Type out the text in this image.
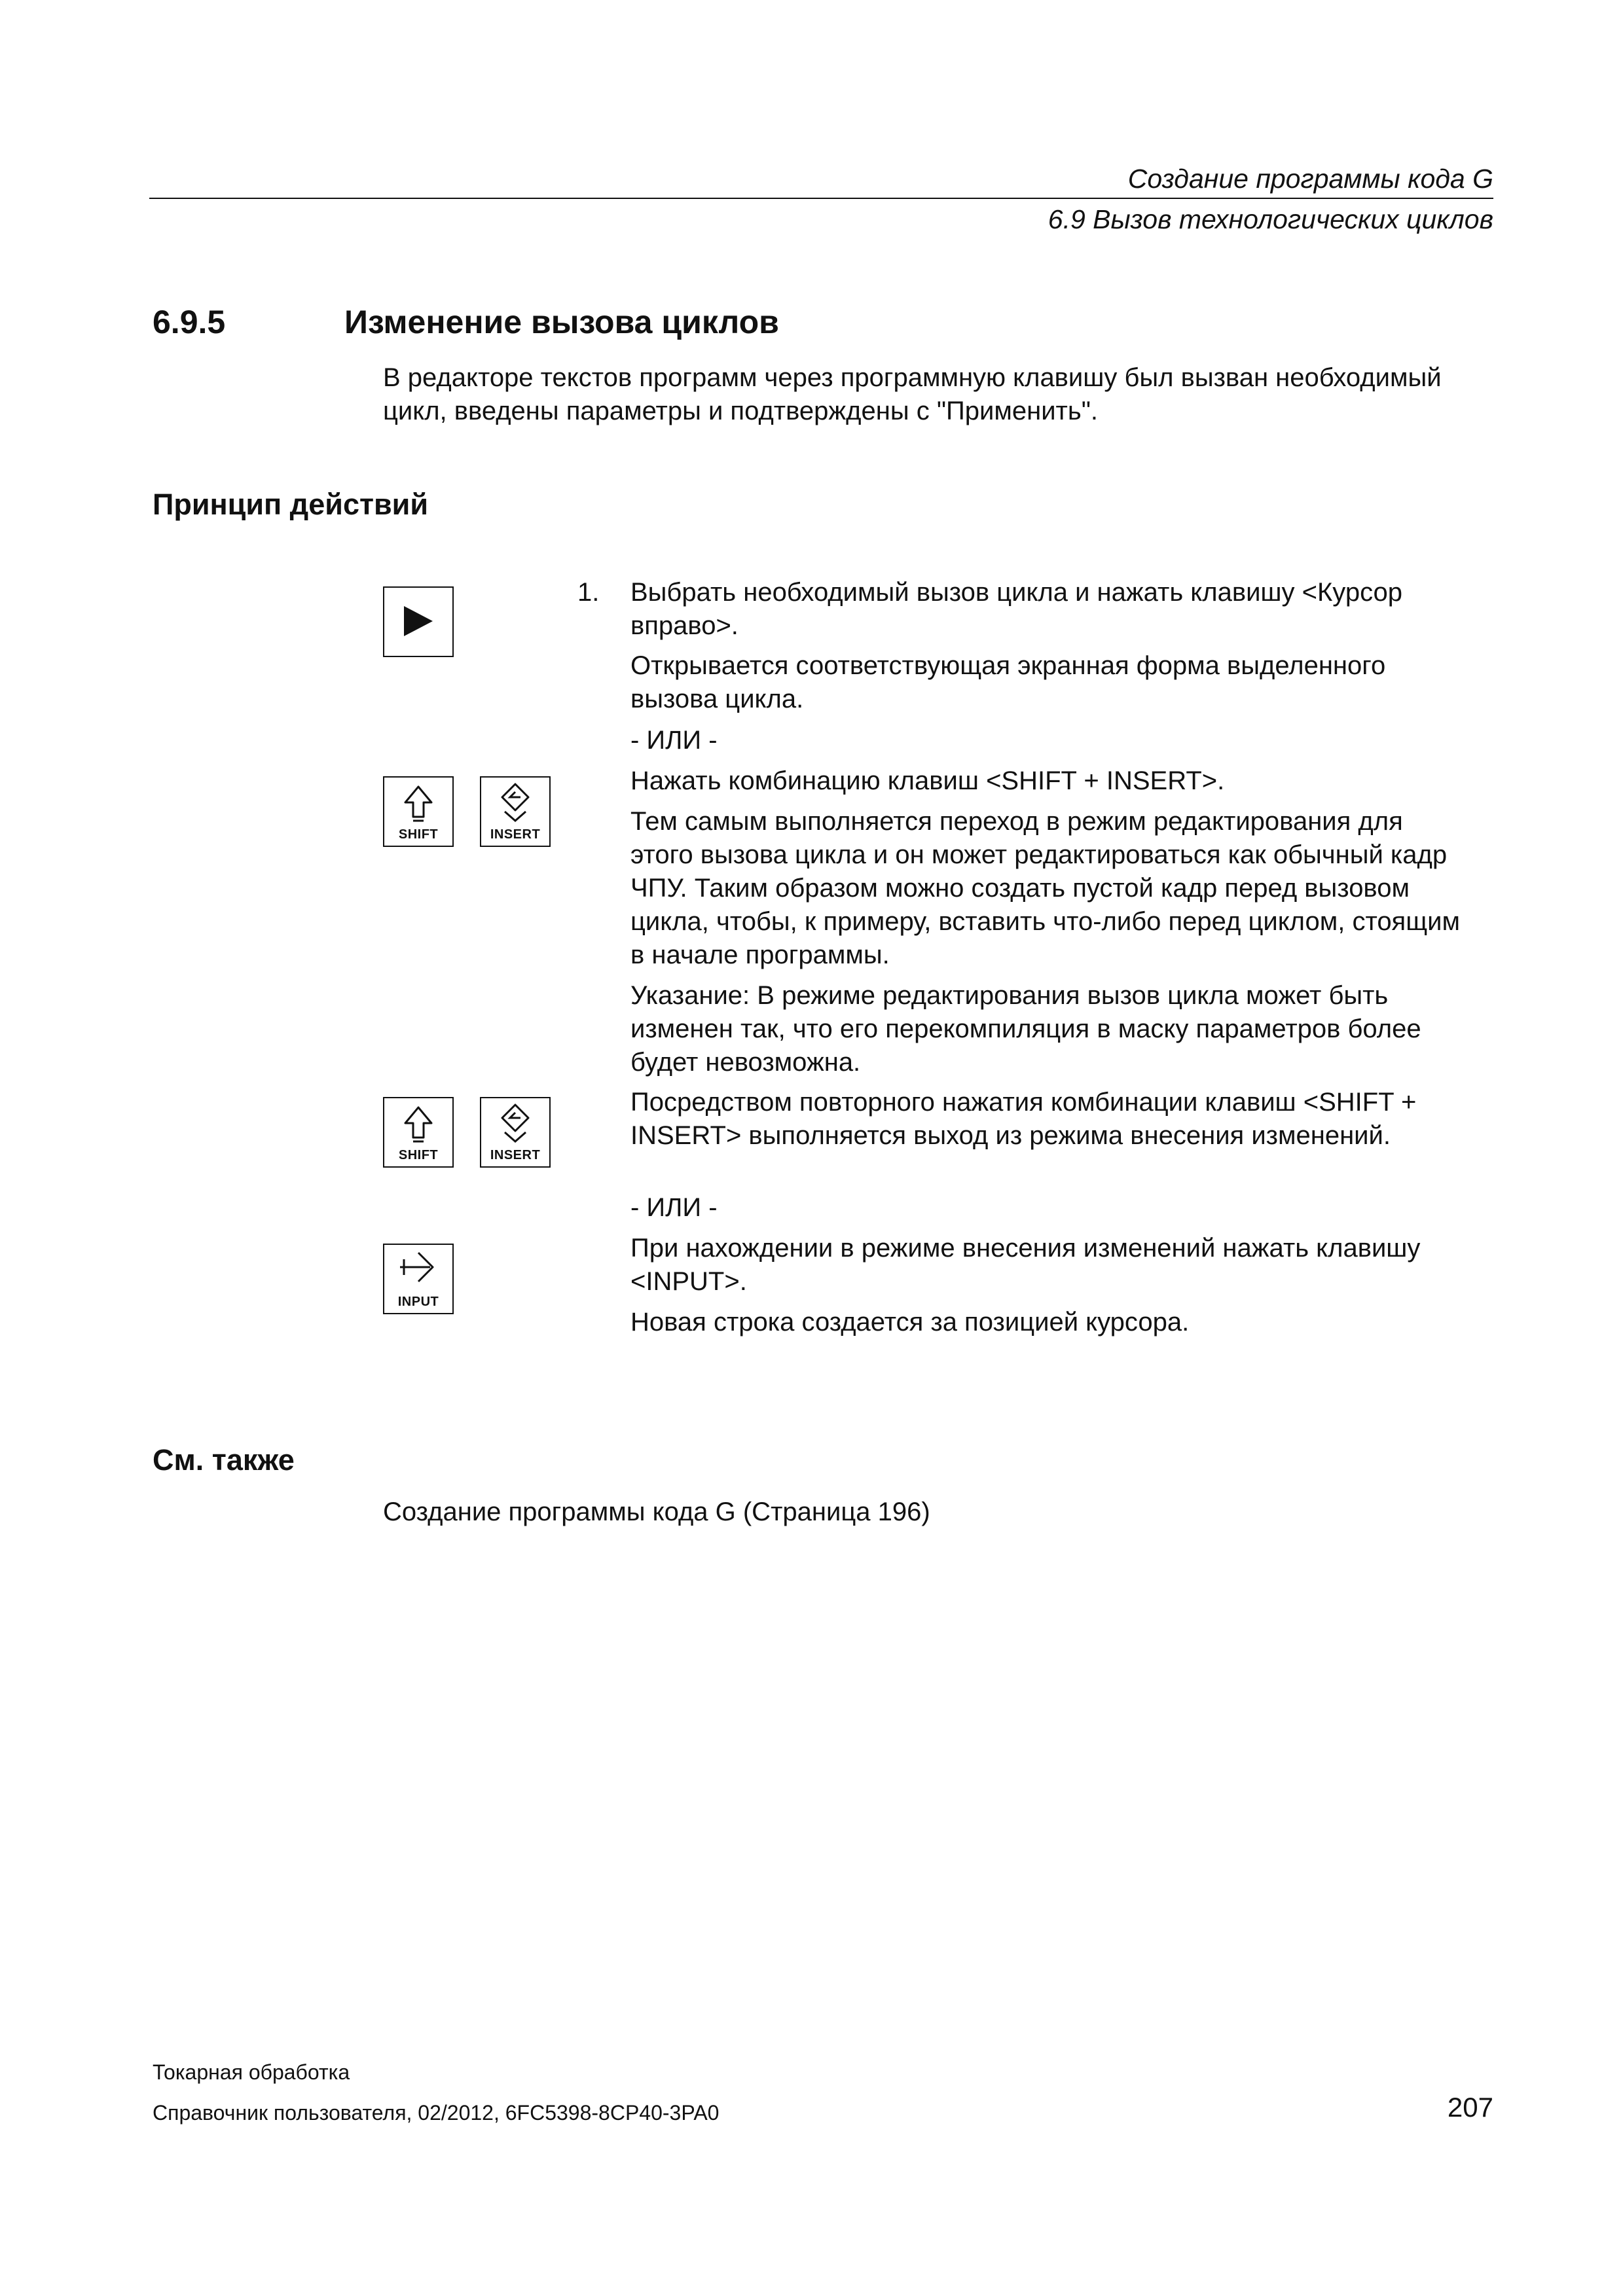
Создание программы кода G
6.9 Вызов технологических циклов
6.9.5	Изменение вызова циклов
В редакторе текстов программ через программную клавишу был вызван необходимый
цикл, введены параметры и подтверждены с "Применить".
Принцип действий
SHIFT	INSERT
SHIFT	INSERT
INPUT
1. Выбрать необходимый вызов цикла и нажать клавишу <Курсор
вправо>.
Открывается соответствующая экранная форма выделенного
вызова цикла.
- ИЛИ -
Нажать комбинацию клавиш <SHIFT + INSERT>.
Тем самым выполняется переход в режим редактирования для
этого вызова цикла и он может редактироваться как обычный кадр
ЧПУ. Таким образом можно создать пустой кадр перед вызовом
цикла, чтобы, к примеру, вставить что-либо перед циклом, стоящим
в начале программы.
Указание: В режиме редактирования вызов цикла может быть
изменен так, что его перекомпиляция в маску параметров более
будет невозможна.
Посредством повторного нажатия комбинации клавиш <SHIFT +
INSERT> выполняется выход из режима внесения изменений.
- ИЛИ -
При нахождении в режиме внесения изменений нажать клавишу
<INPUT>.
Новая строка создается за позицией курсора.
См. также
Создание программы кода G (Страница 196)
Токарная обработка
Справочник пользователя, 02/2012, 6FC5398-8CP40-3PA0	207
